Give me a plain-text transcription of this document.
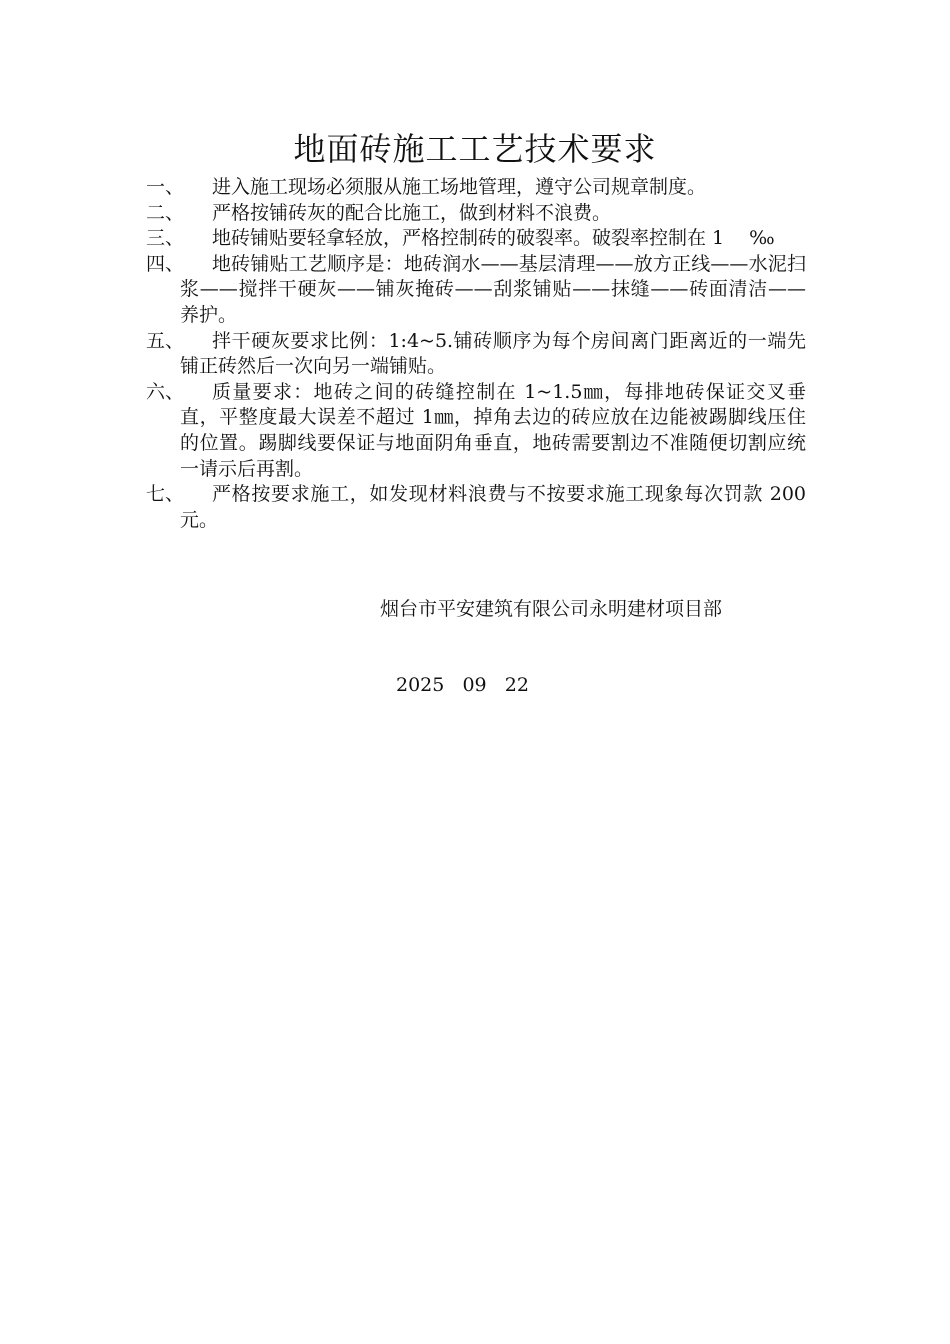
地面砖施工工艺技术要求
一、	进入施工现场必须服从施工场地管理，遵守公司规章制度。
二、	严格按铺砖灰的配合比施工，做到材料不浪费。
三、	地砖铺贴要轻拿轻放，严格控制砖的破裂率。破裂率控制在 1　 ‰
四、	地砖铺贴工艺顺序是：地砖润水——基层清理——放方正线——水泥扫浆——搅拌干硬灰——铺灰掩砖——刮浆铺贴——抹缝——砖面清洁——养护。
五、	拌干硬灰要求比例：1:4~5.铺砖顺序为每个房间离门距离近的一端先铺正砖然后一次向另一端铺贴。
六、	质量要求：地砖之间的砖缝控制在 1~1.5㎜，每排地砖保证交叉垂直，平整度最大误差不超过 1㎜，掉角去边的砖应放在边能被踢脚线压住的位置。踢脚线要保证与地面阴角垂直，地砖需要割边不准随便切割应统一请示后再割。
七、	严格按要求施工，如发现材料浪费与不按要求施工现象每次罚款 200 元。
烟台市平安建筑有限公司永明建材项目部
2025   09   22
